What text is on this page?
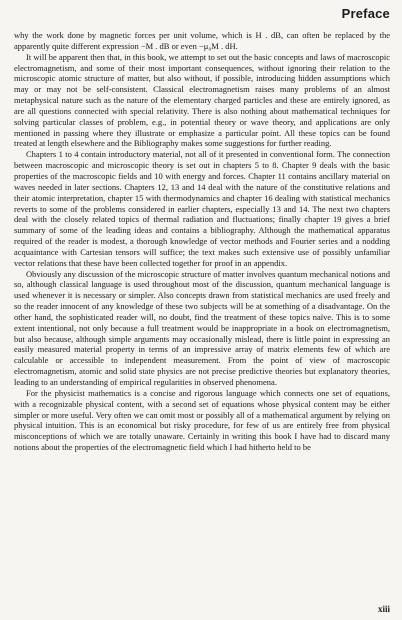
Preface

why the work done by magnetic forces per unit volume, which is H . dB, can often be replaced by the apparently quite different expression −M . dB or even −μ₀M . dH.

It will be apparent then that, in this book, we attempt to set out the basic concepts and laws of macroscopic electromagnetism, and some of their most important consequences, without ignoring their relation to the microscopic atomic structure of matter, but also without, if possible, introducing hidden assumptions which may or may not be self-consistent. Classical electromagnetism raises many problems of an almost metaphysical nature such as the nature of the elementary charged particles and these are entirely ignored, as are all questions connected with special relativity. There is also nothing about mathematical techniques for solving particular classes of problem, e.g., in potential theory or wave theory, and applications are only mentioned in passing where they illustrate or emphasize a particular point. All these topics can be found treated at length elsewhere and the Bibliography makes some suggestions for further reading.

Chapters 1 to 4 contain introductory material, not all of it presented in conventional form. The connection between macroscopic and microscopic theory is set out in chapters 5 to 8. Chapter 9 deals with the basic properties of the macroscopic fields and 10 with energy and forces. Chapter 11 contains ancillary material on waves needed in later sections. Chapters 12, 13 and 14 deal with the nature of the constitutive relations and their atomic interpretation, chapter 15 with thermodynamics and chapter 16 dealing with statistical mechanics reverts to some of the problems considered in earlier chapters, especially 13 and 14. The next two chapters deal with the closely related topics of thermal radiation and fluctuations; finally chapter 19 gives a brief summary of some of the leading ideas and contains a bibliography. Although the mathematical apparatus required of the reader is modest, a thorough knowledge of vector methods and Fourier series and a nodding acquaintance with Cartesian tensors will suffice; the text makes such extensive use of possibly unfamiliar vector relations that these have been collected together for proof in an appendix.

Obviously any discussion of the microscopic structure of matter involves quantum mechanical notions and so, although classical language is used throughout most of the discussion, quantum mechanical language is used whenever it is necessary or simpler. Also concepts drawn from statistical mechanics are used freely and so the reader innocent of any knowledge of these two subjects will be at something of a disadvantage. On the other hand, the sophisticated reader will, no doubt, find the treatment of these topics naïve. This is to some extent intentional, not only because a full treatment would be inappropriate in a book on electromagnetism, but also because, although simple arguments may occasionally mislead, there is little point in expressing an easily measured material property in terms of an impressive array of matrix elements few of which are calculable or accessible to independent measurement. From the point of view of macroscopic electromagnetism, atomic and solid state physics are not precise predictive theories but explanatory theories, leading to an understanding of empirical regularities in observed phenomena.

For the physicist mathematics is a concise and rigorous language which connects one set of equations, with a recognizable physical content, with a second set of equations whose physical content may be either simpler or more useful. Very often we can omit most or possibly all of a mathematical argument by relying on physical intuition. This is an economical but risky procedure, for few of us are entirely free from physical misconceptions of which we are totally unaware. Certainly in writing this book I have had to discard many notions about the properties of the electromagnetic field which I had hitherto held to be

xiii
